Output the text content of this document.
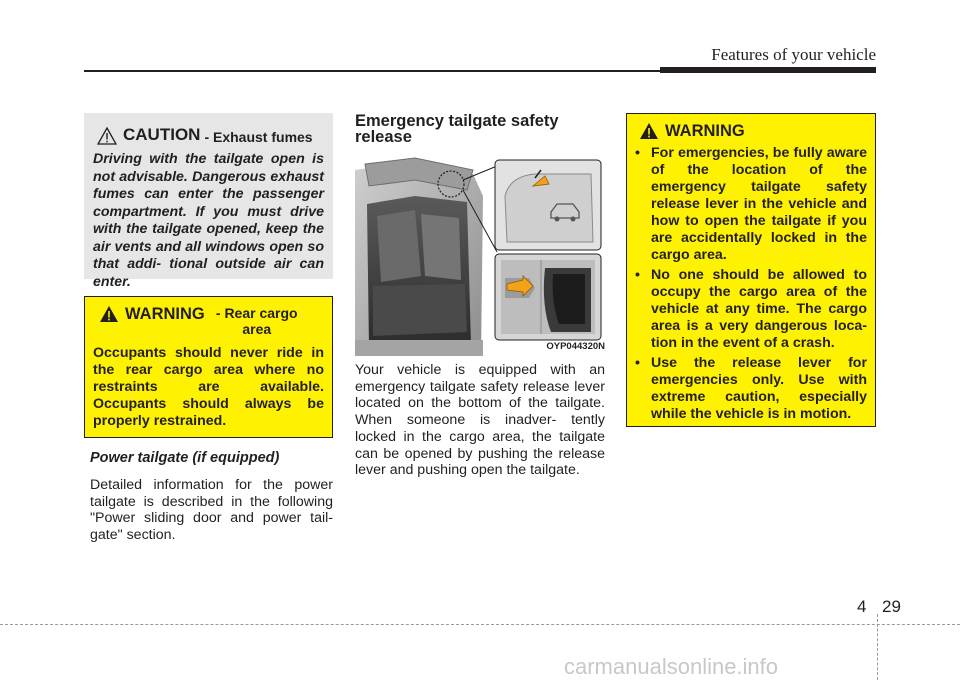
Features of your vehicle
CAUTION - Exhaust fumes
Driving with the tailgate open is not advisable. Dangerous exhaust fumes can enter the passenger compartment. If you must drive with the tailgate opened, keep the air vents and all windows open so that addi- tional outside air can enter.
WARNING - Rear cargo area
Occupants should never ride in the rear cargo area where no restraints are available. Occupants should always be properly restrained.
Power tailgate (if equipped)
Detailed information for the power tailgate is described in the following "Power sliding door and power tail- gate" section.
Emergency tailgate safety release
OYP044320N
Your vehicle is equipped with an emergency tailgate safety release lever located on the bottom of the tailgate. When someone is inadver- tently locked in the cargo area, the tailgate can be opened by pushing the release lever and pushing open the tailgate.
WARNING
• For emergencies, be fully aware of the location of the emergency tailgate safety release lever in the vehicle and how to open the tailgate if you are accidentally locked in the cargo area.
• No one should be allowed to occupy the cargo area of the vehicle at any time. The cargo area is a very dangerous loca- tion in the event of a crash.
• Use the release lever for emergencies only. Use with extreme caution, especially while the vehicle is in motion.
4 29
carmanualsonline.info
